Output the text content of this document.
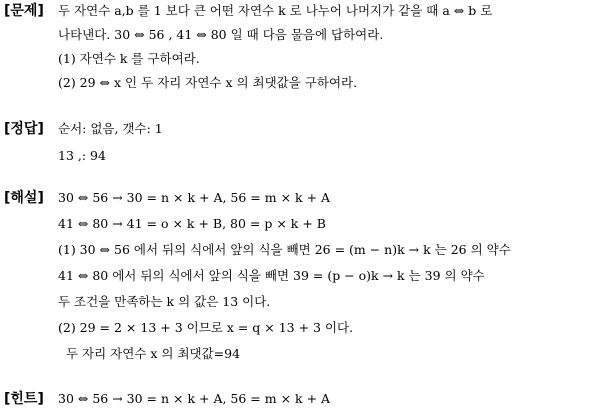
[문제] 두 자연수 a,b 를 1 보다 큰 어떤 자연수 k 로 나누어 나머지가 같을 때 a ⇔ b 로
나타낸다. 30 ⇔ 56 , 41 ⇔ 80 일 때 다음 물음에 답하여라.
(1) 자연수 k 를 구하여라.
(2) 29 ⇔ x 인 두 자리 자연수 x 의 최댓값을 구하여라.
[정답] 순서: 없음, 갯수: 1
13 ,: 94
[해설] 30 ⇔ 56 → 30 = n × k + A, 56 = m × k + A
41 ⇔ 80 → 41 = o × k + B, 80 = p × k + B
(1) 30 ⇔ 56 에서 뒤의 식에서 앞의 식을 빼면 26 = (m − n)k → k 는 26 의 약수
41 ⇔ 80 에서 뒤의 식에서 앞의 식을 빼면 39 = (p − o)k → k 는 39 의 약수
두 조건을 만족하는 k 의 값은 13 이다.
(2) 29 = 2 × 13 + 3 이므로 x = q × 13 + 3 이다.
두 자리 자연수 x 의 최댓값=94
[힌트] 30 ⇔ 56 → 30 = n × k + A, 56 = m × k + A
